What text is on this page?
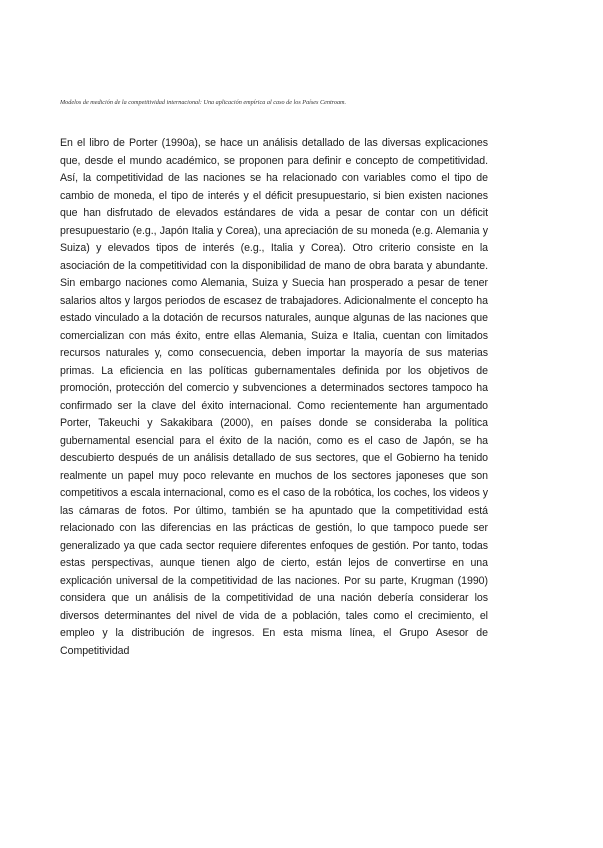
Modelos de medición de la competitividad internacional: Una aplicación empírica al caso de los Países Centroam.

En el libro de Porter (1990a), se hace un análisis detallado de las diversas explicaciones que, desde el mundo académico, se proponen para definir e concepto de competitividad. Así, la competitividad de las naciones se ha relacionado con variables como el tipo de cambio de moneda, el tipo de interés y el déficit presupuestario, si bien existen naciones que han disfrutado de elevados estándares de vida a pesar de contar con un déficit presupuestario (e.g., Japón Italia y Corea), una apreciación de su moneda (e.g. Alemania y Suiza) y elevados tipos de interés (e.g., Italia y Corea). Otro criterio consiste en la asociación de la competitividad con la disponibilidad de mano de obra barata y abundante. Sin embargo naciones como Alemania, Suiza y Suecia han prosperado a pesar de tener salarios altos y largos periodos de escasez de trabajadores. Adicionalmente el concepto ha estado vinculado a la dotación de recursos naturales, aunque algunas de las naciones que comercializan con más éxito, entre ellas Alemania, Suiza e Italia, cuentan con limitados recursos naturales y, como consecuencia, deben importar la mayoría de sus materias primas. La eficiencia en las políticas gubernamentales definida por los objetivos de promoción, protección del comercio y subvenciones a determinados sectores tampoco ha confirmado ser la clave del éxito internacional. Como recientemente han argumentado Porter, Takeuchi y Sakakibara (2000), en países donde se consideraba la política gubernamental esencial para el éxito de la nación, como es el caso de Japón, se ha descubierto después de un análisis detallado de sus sectores, que el Gobierno ha tenido realmente un papel muy poco relevante en muchos de los sectores japoneses que son competitivos a escala internacional, como es el caso de la robótica, los coches, los videos y las cámaras de fotos. Por último, también se ha apuntado que la competitividad está relacionado con las diferencias en las prácticas de gestión, lo que tampoco puede ser generalizado ya que cada sector requiere diferentes enfoques de gestión. Por tanto, todas estas perspectivas, aunque tienen algo de cierto, están lejos de convertirse en una explicación universal de la competitividad de las naciones. Por su parte, Krugman (1990) considera que un análisis de la competitividad de una nación debería considerar los diversos determinantes del nivel de vida de a población, tales como el crecimiento, el empleo y la distribución de ingresos. En esta misma línea, el Grupo Asesor de Competitividad
